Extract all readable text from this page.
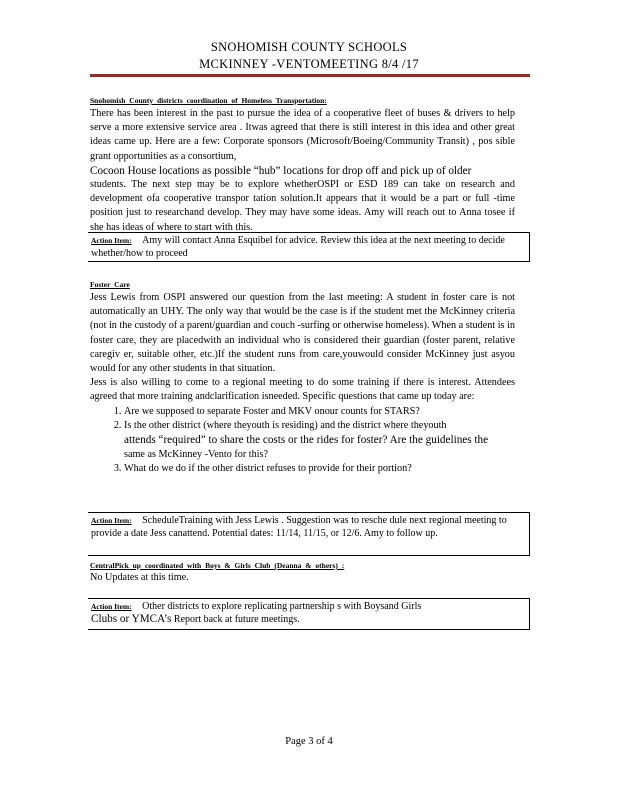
SNOHOMISH COUNTY SCHOOLS
MCKINNEY -VENTOMEETING 8/4 /17
Snohomish County districts coordination of Homeless Transportation:

There has been interest in the past to pursue the idea of a cooperative fleet of buses & drivers to help serve a more extensive service area . Itwas agreed that there is still interest in this idea and other great ideas came up. Here are a few: Corporate sponsors (Microsoft/Boeing/Community Transit) , pos sible grant opportunities as a consortium,

Cocoon House locations as possible “hub” locations for drop off and pick up of older

students. The next step may be to explore whetherOSPI or ESD 189 can take on research and development ofa cooperative transpor tation solution.It appears that it would be a part or full -time position just to researchand develop. They may have some ideas. Amy will reach out to Anna tosee if she has ideas of where to start with this.

Action Item: Amy will contact Anna Esquibel for advice. Review this idea at the next meeting to decide whether/how to proceed
Foster Care

Jess Lewis from OSPI answered our question from the last meeting: A student in foster care is not automatically an UHY. The only way that would be the case is if the student met the McKinney criteria (not in the custody of a parent/guardian and couch -surfing or otherwise homeless). When a student is in foster care, they are placedwith an individual who is considered their guardian (foster parent, relative caregiv er, suitable other, etc.)If the student runs from care,youwould consider McKinney just asyou would for any other students in that situation.

Jess is also willing to come to a regional meeting to do some training if there is interest. Attendees agreed that more training andclarification isneeded. Specific questions that came up today are:

1. Are we supposed to separate Foster and MKV onour counts for STARS?
2. Is the other district (where theyouth is residing) and the district where theyouth
attends “required” to share the costs or the rides for foster? Are the guidelines the
same as McKinney -Vento for this?
3. What do we do if the other district refuses to provide for their portion?
Action Item: ScheduleTraining with Jess Lewis . Suggestion was to resche dule next regional meeting to provide a date Jess canattend. Potential dates: 11/14, 11/15, or 12/6. Amy to follow up.
CentralPick up coordinated with Boys & Girls Club (Deanna & others) :
No Updates at this time.
Action Item: Other districts to explore replicating partnership s with Boysand Girls
Clubs or YMCA’s Report back at future meetings.
Page 3 of 4
